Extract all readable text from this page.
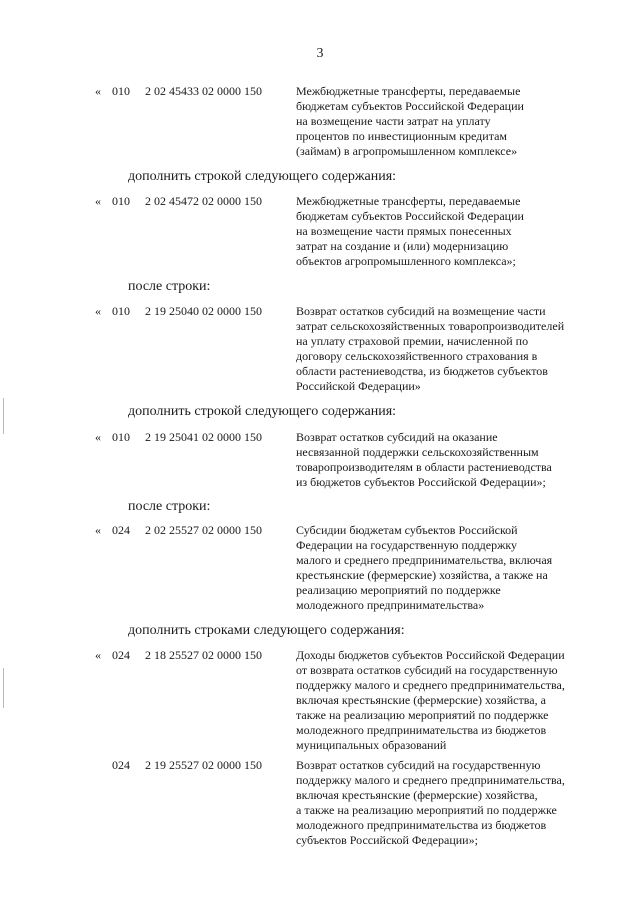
3
« 010 2 02 45433 02 0000 150	Межбюджетные трансферты, передаваемые
бюджетам субъектов Российской Федерации
на возмещение части затрат на уплату
процентов по инвестиционным кредитам
(займам) в агропромышленном комплексе»
дополнить строкой следующего содержания:
« 010 2 02 45472 02 0000 150	Межбюджетные трансферты, передаваемые
бюджетам субъектов Российской Федерации
на возмещение части прямых понесенных
затрат на создание и (или) модернизацию
объектов агропромышленного комплекса»;
после строки:
« 010 2 19 25040 02 0000 150	Возврат остатков субсидий на возмещение части
затрат сельскохозяйственных товаропроизводителей
на уплату страховой премии, начисленной по
договору сельскохозяйственного страхования в
области растениеводства, из бюджетов субъектов
Российской Федерации»
дополнить строкой следующего содержания:
« 010 2 19 25041 02 0000 150	Возврат остатков субсидий на оказание
несвязанной поддержки сельскохозяйственным
товаропроизводителям в области растениеводства
из бюджетов субъектов Российской Федерации»;
после строки:
« 024 2 02 25527 02 0000 150	Субсидии бюджетам субъектов Российской
Федерации на государственную поддержку
малого и среднего предпринимательства, включая
крестьянские (фермерские) хозяйства, а также на
реализацию мероприятий по поддержке
молодежного предпринимательства»
дополнить строками следующего содержания:
« 024 2 18 25527 02 0000 150	Доходы бюджетов субъектов Российской Федерации
от возврата остатков субсидий на государственную
поддержку малого и среднего предпринимательства,
включая крестьянские (фермерские) хозяйства, а
также на реализацию мероприятий по поддержке
молодежного предпринимательства из бюджетов
муниципальных образований
024 2 19 25527 02 0000 150	Возврат остатков субсидий на государственную
поддержку малого и среднего предпринимательства,
включая крестьянские (фермерские) хозяйства,
а также на реализацию мероприятий по поддержке
молодежного предпринимательства из бюджетов
субъектов Российской Федерации»;
